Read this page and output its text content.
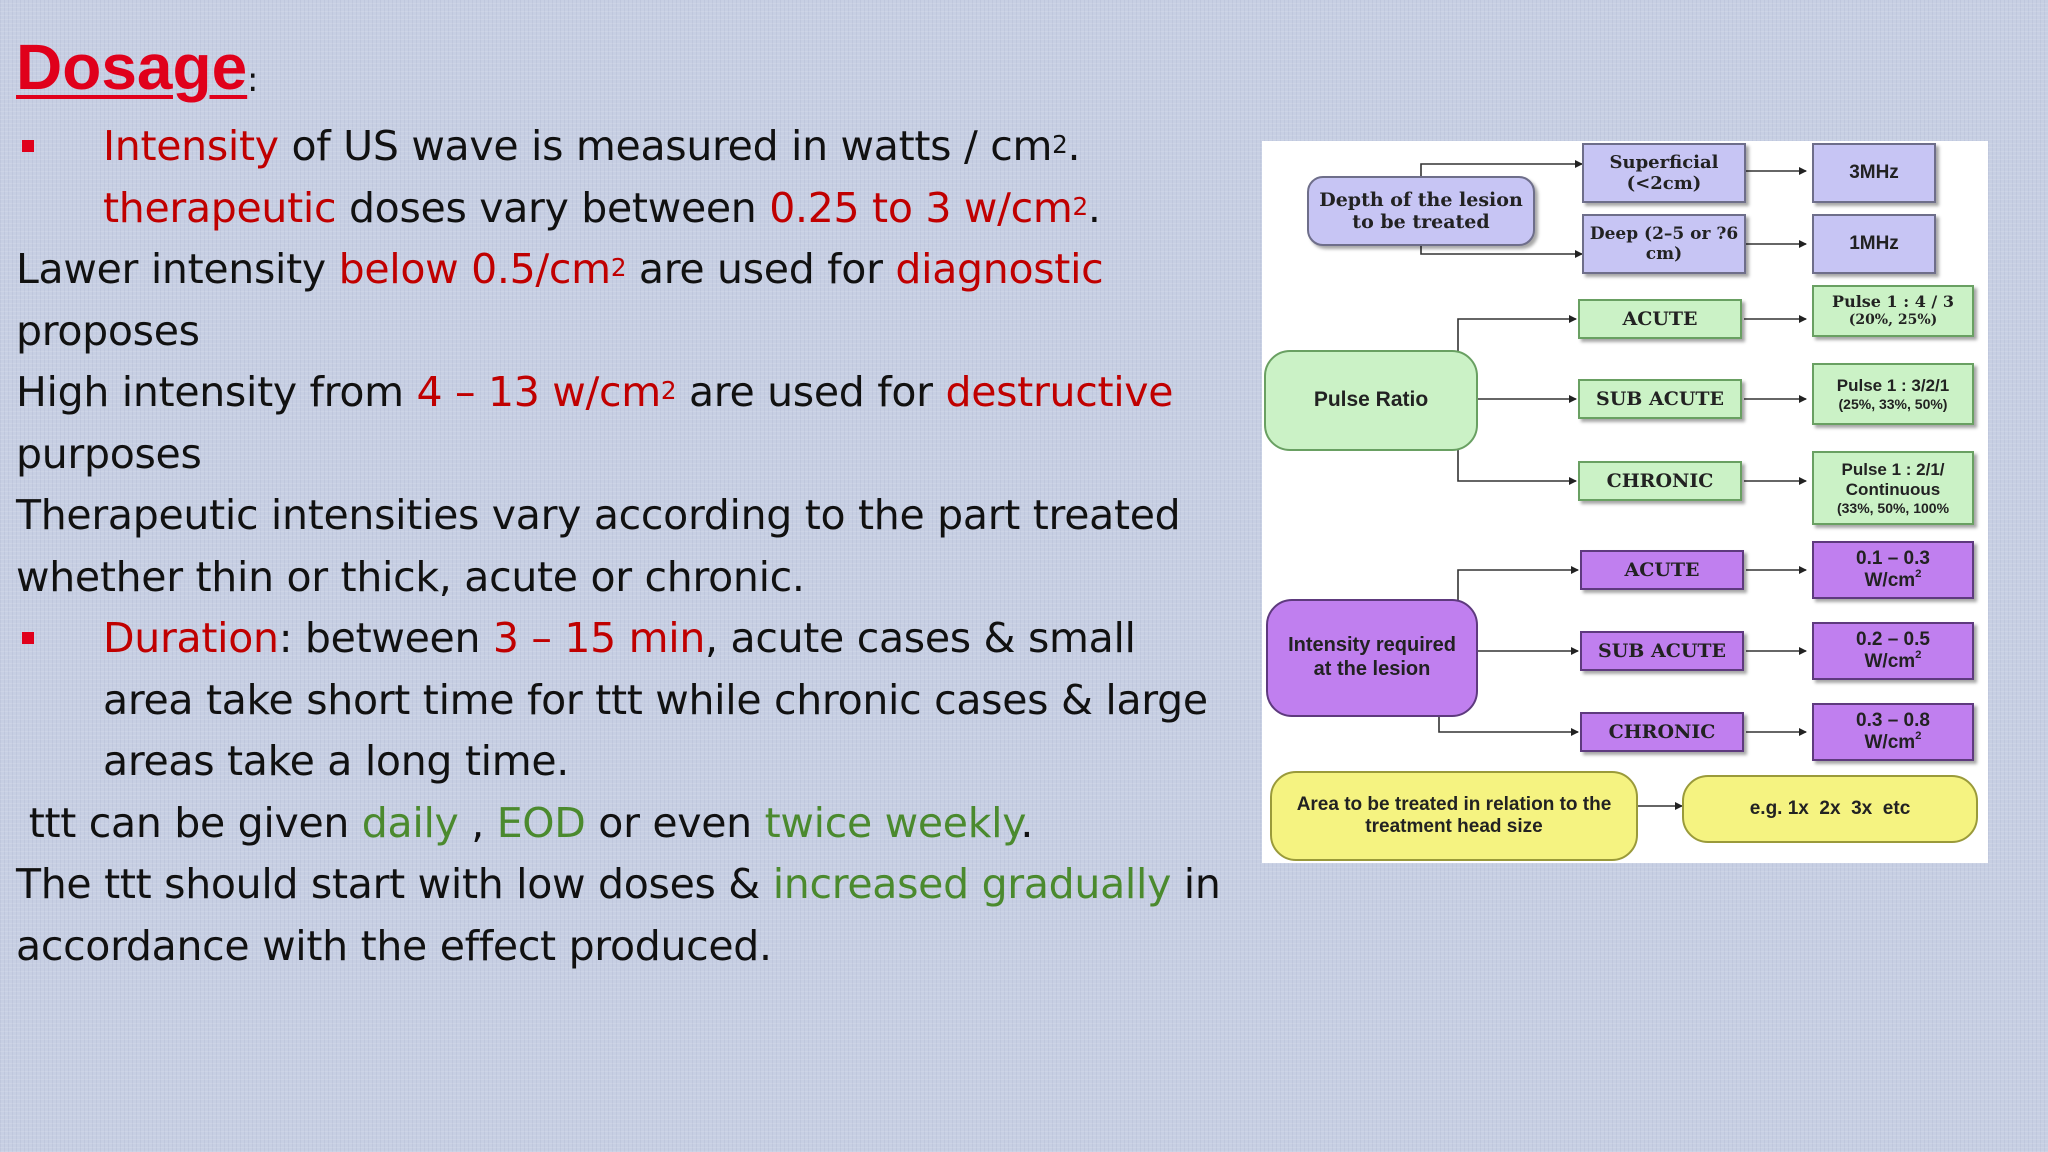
Dosage :
Intensity of US wave is measured in watts / $cm^2$.
therapeutic doses vary between 0.25 to 3 $w/cm^2$.
Lawer intensity below $0.5/cm^2$ are used for diagnostic
proposes
High intensity from 4 – 13 $w/cm^2$ are used for destructive
purposes
Therapeutic intensities vary according to the part treated
whether thin or thick, acute or chronic.
Duration: between 3 – 15 min, acute cases & small
area take short time for ttt while chronic cases & large
areas take a long time.
ttt can be given daily , EOD or even twice weekly.
The ttt should start with low doses & increased gradually in
accordance with the effect produced.
Depth of the lesion to be treated
Superficial (<2cm)
Deep (2–5 or ?6 cm)
3MHz
1MHz
Pulse Ratio
ACUTE
SUB ACUTE
CHRONIC
Pulse 1 : 4 / 3
(20%, 25%)
Pulse 1 : 3/2/1
(25%, 33%, 50%)
Pulse 1 : 2/1/
Continuous
(33%, 50%, 100%
Intensity required at the lesion
ACUTE
SUB ACUTE
CHRONIC
0.1 – 0.3
$W/cm^2$
0.2 – 0.5
$W/cm^2$
0.3 – 0.8
$W/cm^2$
Area to be treated in relation to the treatment head size
e.g. 1x  2x  3x  etc
